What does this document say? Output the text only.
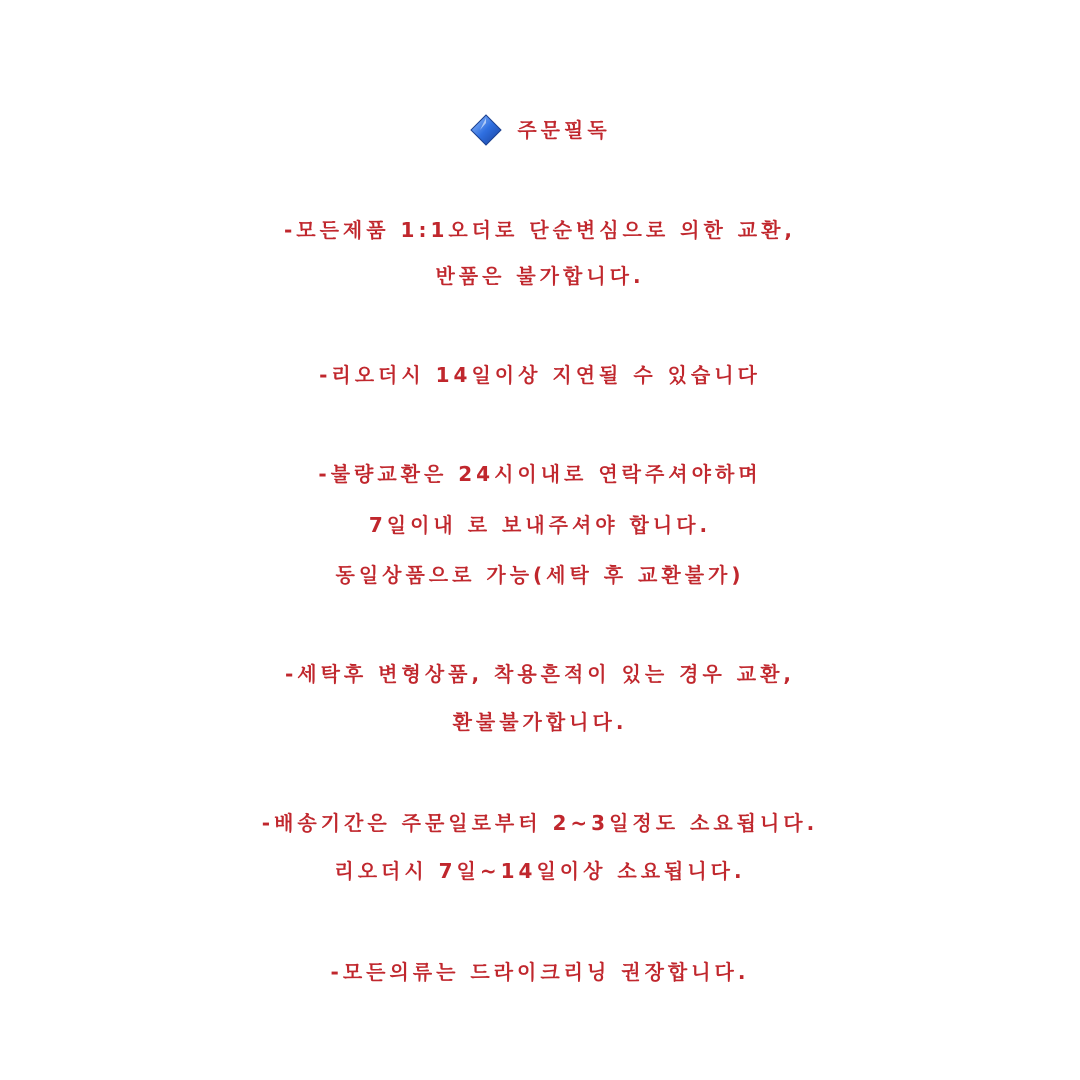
주문필독
-모든제품 1:1오더로 단순변심으로 의한 교환,
반품은 불가합니다.
-리오더시 14일이상 지연될 수 있습니다
-불량교환은 24시이내로 연락주셔야하며
7일이내 로 보내주셔야 합니다.
동일상품으로 가능(세탁 후 교환불가)
-세탁후 변형상품, 착용흔적이 있는 경우 교환,
환불불가합니다.
-배송기간은 주문일로부터 2~3일정도 소요됩니다.
리오더시 7일~14일이상 소요됩니다.
-모든의류는 드라이크리닝 권장합니다.
